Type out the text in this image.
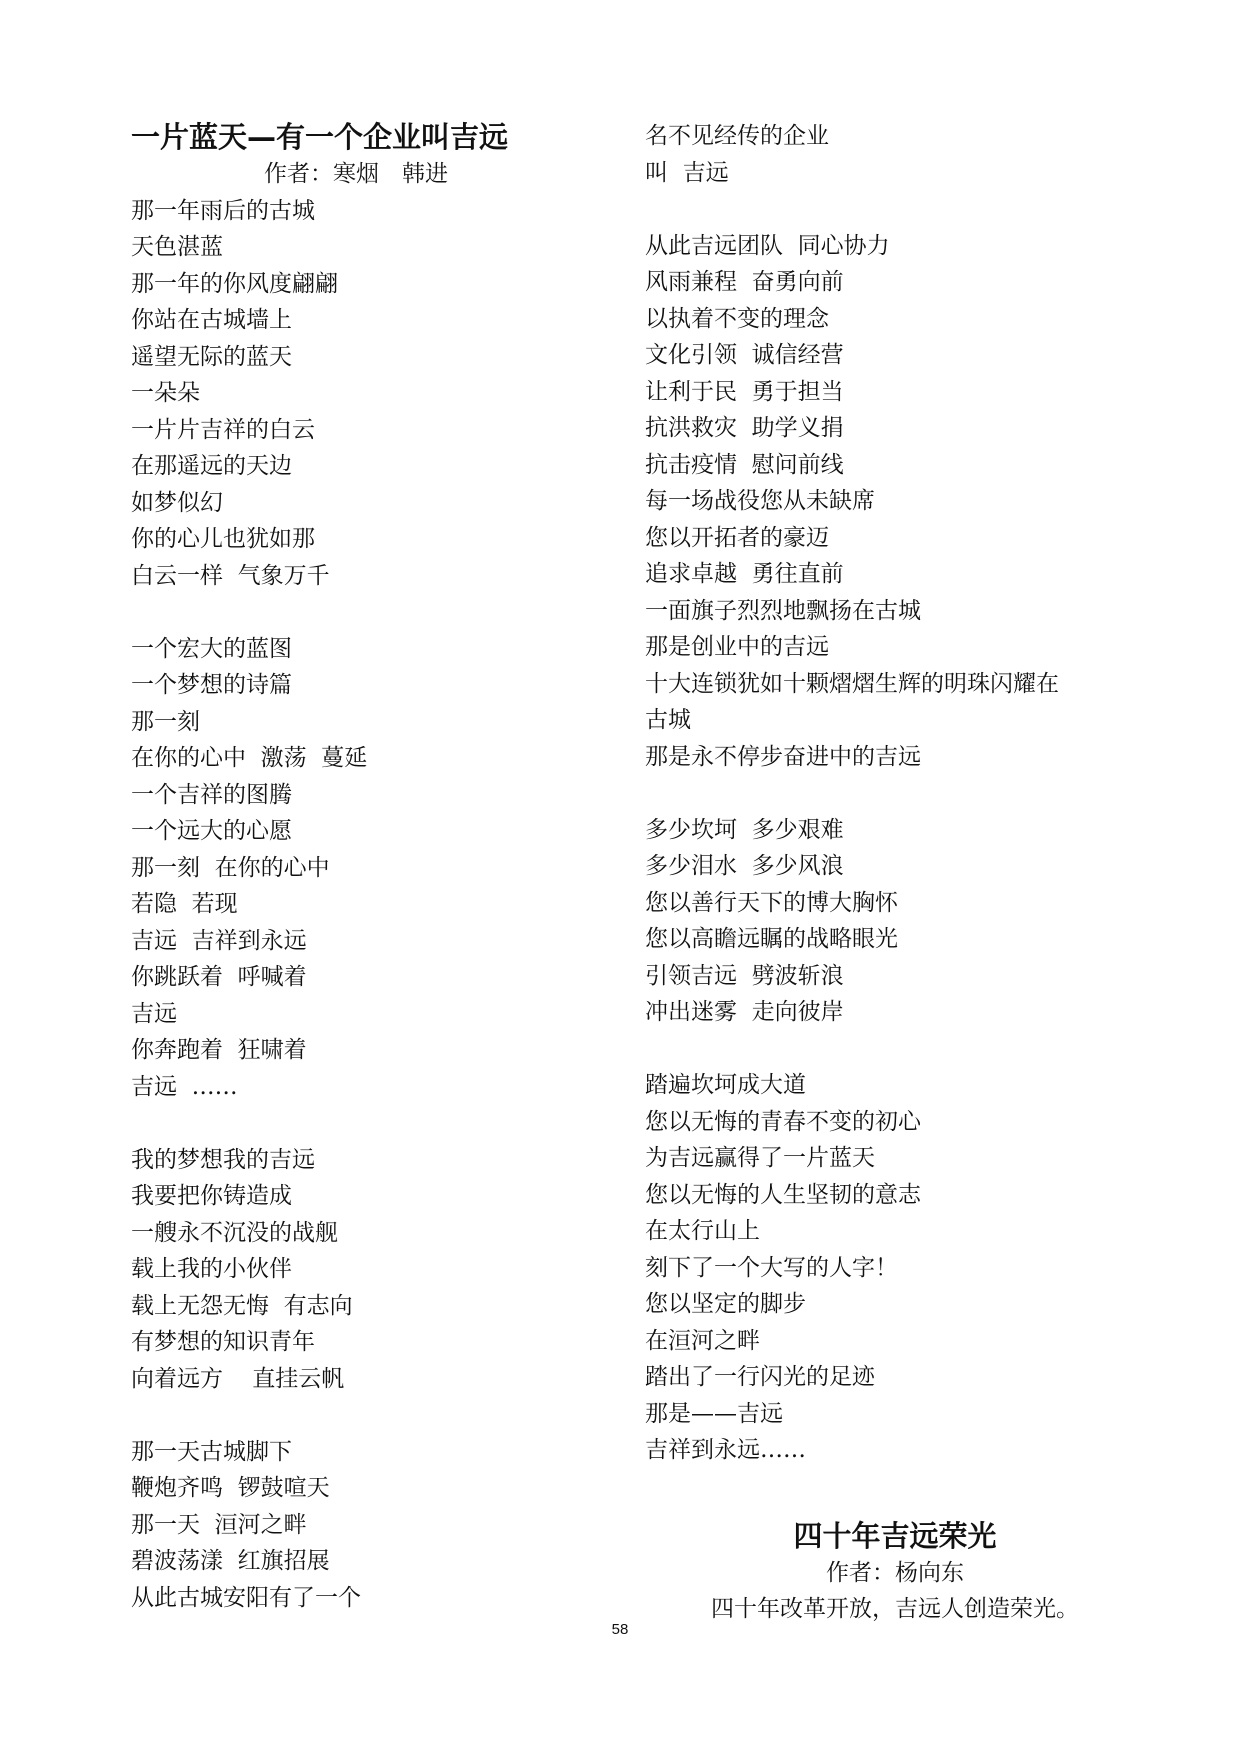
一片蓝天—有一个企业叫吉远

作者：寒烟　韩进

那一年雨后的古城

天色湛蓝

那一年的你风度翩翩

你站在古城墙上

遥望无际的蓝天

一朵朵

一片片吉祥的白云

在那遥远的天边

如梦似幻

你的心儿也犹如那

白云一样  气象万千

一个宏大的蓝图

一个梦想的诗篇

那一刻

在你的心中  激荡  蔓延

一个吉祥的图腾

一个远大的心愿

那一刻  在你的心中

若隐  若现

吉远  吉祥到永远

你跳跃着  呼喊着

吉远

你奔跑着  狂啸着

吉远  ……

我的梦想我的吉远

我要把你铸造成

一艘永不沉没的战舰

载上我的小伙伴

载上无怨无悔  有志向

有梦想的知识青年

向着远方    直挂云帆

那一天古城脚下

鞭炮齐鸣  锣鼓喧天

那一天  洹河之畔

碧波荡漾  红旗招展

从此古城安阳有了一个

名不见经传的企业

叫  吉远

从此吉远团队  同心协力

风雨兼程  奋勇向前

以执着不变的理念

文化引领  诚信经营

让利于民  勇于担当

抗洪救灾  助学义捐

抗击疫情  慰问前线

每一场战役您从未缺席

您以开拓者的豪迈

追求卓越  勇往直前

一面旗子烈烈地飘扬在古城

那是创业中的吉远

十大连锁犹如十颗熠熠生辉的明珠闪耀在

古城

那是永不停步奋进中的吉远

多少坎坷  多少艰难

多少泪水  多少风浪

您以善行天下的博大胸怀

您以高瞻远瞩的战略眼光

引领吉远  劈波斩浪

冲出迷雾  走向彼岸

踏遍坎坷成大道

您以无悔的青春不变的初心

为吉远赢得了一片蓝天

您以无悔的人生坚韧的意志

在太行山上

刻下了一个大写的人字！

您以坚定的脚步

在洹河之畔

踏出了一行闪光的足迹

那是——吉远

吉祥到永远……

四十年吉远荣光

作者：杨向东

四十年改革开放，吉远人创造荣光。

58
